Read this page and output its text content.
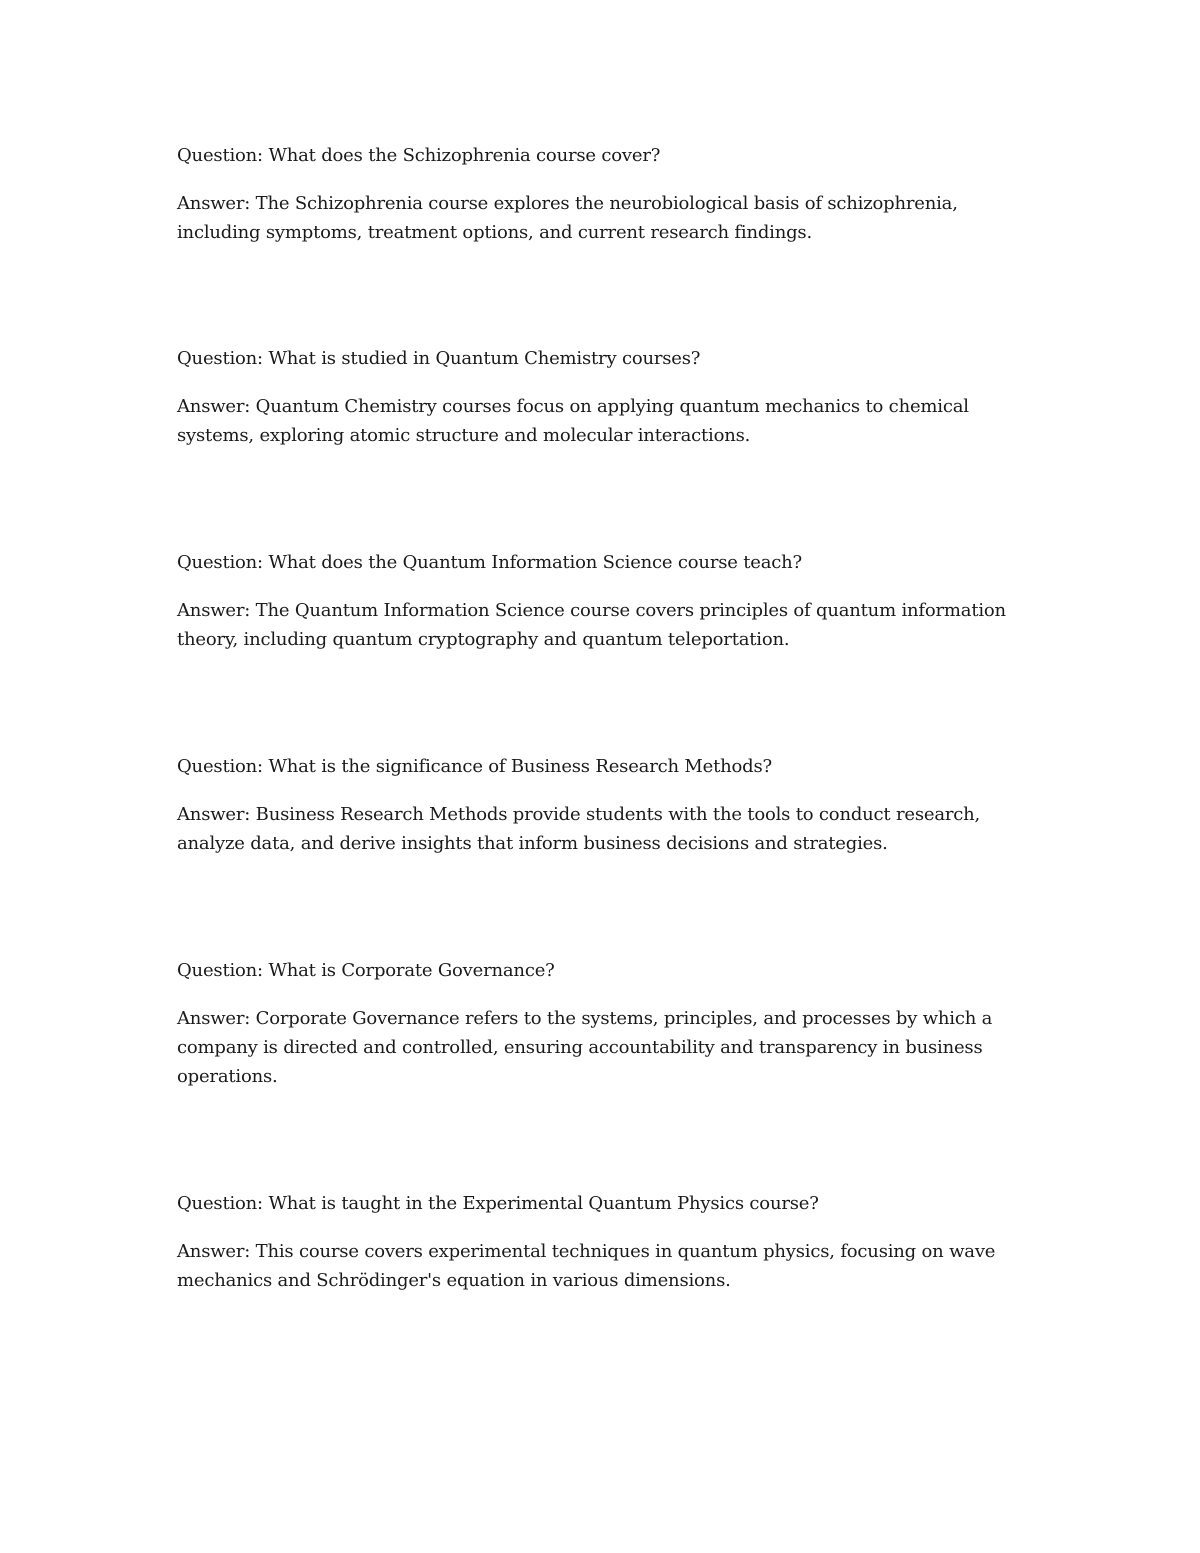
Question: What does the Schizophrenia course cover?

Answer: The Schizophrenia course explores the neurobiological basis of schizophrenia, including symptoms, treatment options, and current research findings.

Question: What is studied in Quantum Chemistry courses?

Answer: Quantum Chemistry courses focus on applying quantum mechanics to chemical systems, exploring atomic structure and molecular interactions.

Question: What does the Quantum Information Science course teach?

Answer: The Quantum Information Science course covers principles of quantum information theory, including quantum cryptography and quantum teleportation.

Question: What is the significance of Business Research Methods?

Answer: Business Research Methods provide students with the tools to conduct research, analyze data, and derive insights that inform business decisions and strategies.

Question: What is Corporate Governance?

Answer: Corporate Governance refers to the systems, principles, and processes by which a company is directed and controlled, ensuring accountability and transparency in business operations.

Question: What is taught in the Experimental Quantum Physics course?

Answer: This course covers experimental techniques in quantum physics, focusing on wave mechanics and Schrödinger's equation in various dimensions.
